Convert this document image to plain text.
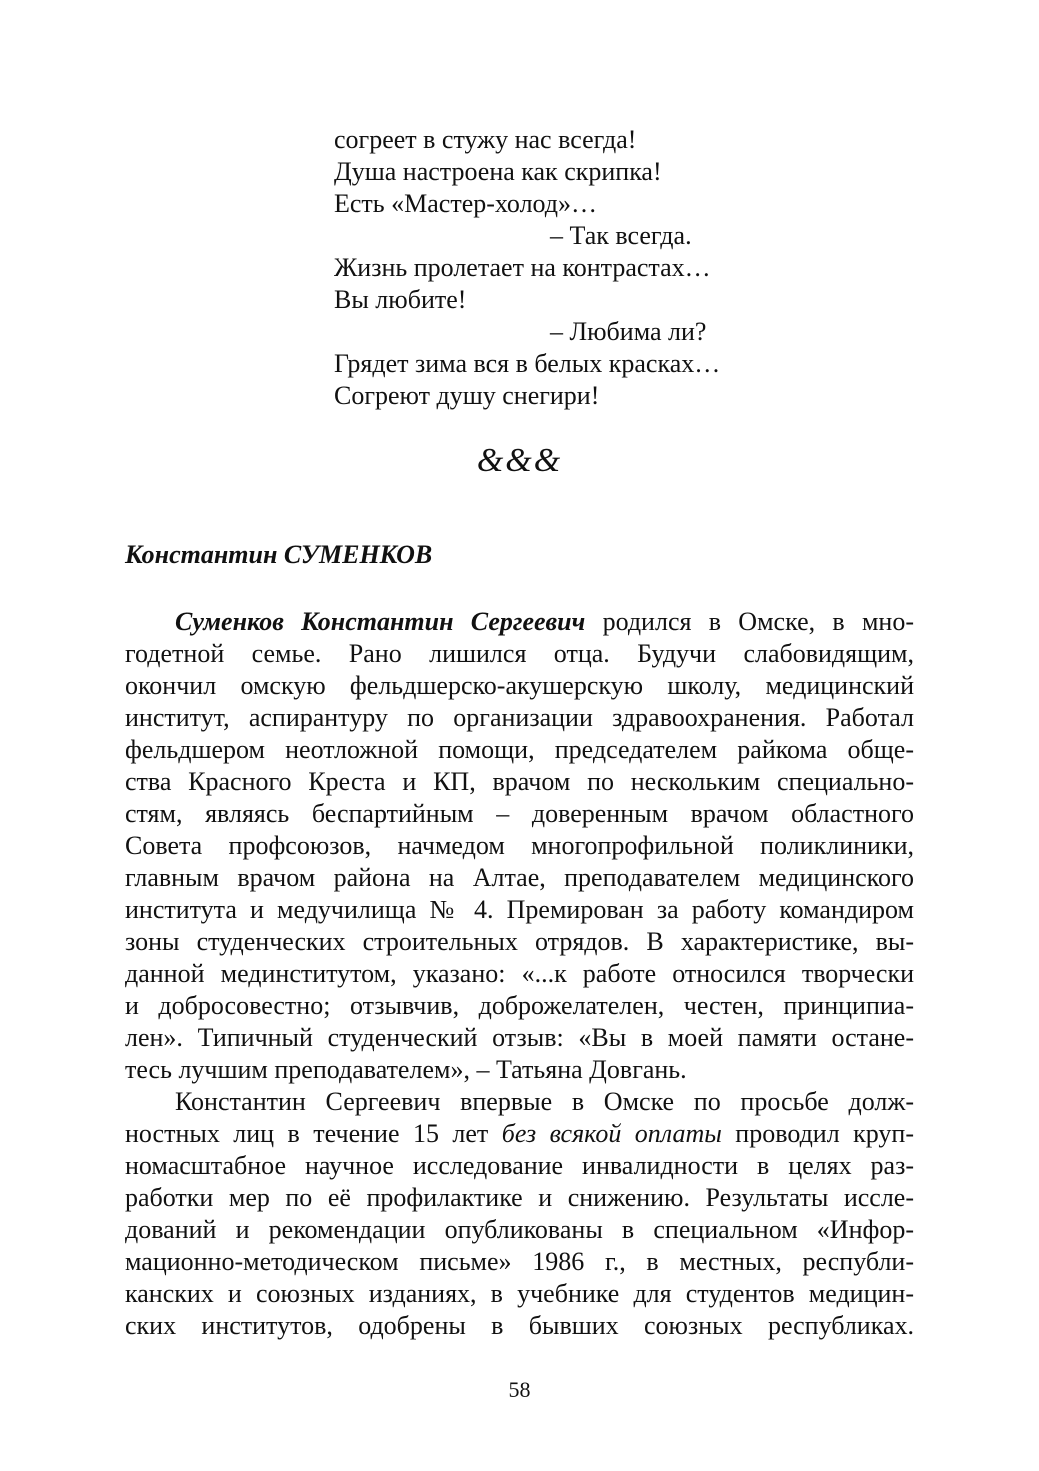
согреет в стужу нас всегда!
Душа настроена как скрипка!
Есть «Мастер-холод»…
– Так всегда.
Жизнь пролетает на контрастах…
Вы любите!
– Любима ли?
Грядет зима вся в белых красках…
Согреют душу снегири!
&&&
Константин СУМЕНКОВ
Суменков Константин Сергеевич родился в Омске, в мно-
годетной семье. Рано лишился отца. Будучи слабовидящим,
окончил омскую фельдшерско-акушерскую школу, медицинский
институт, аспирантуру по организации здравоохранения. Работал
фельдшером неотложной помощи, председателем райкома обще-
ства Красного Креста и КП, врачом по нескольким специально-
стям, являясь беспартийным – доверенным врачом областного
Совета профсоюзов, начмедом многопрофильной поликлиники,
главным врачом района на Алтае, преподавателем медицинского
института и медучилища № 4. Премирован за работу командиром
зоны студенческих строительных отрядов. В характеристике, вы-
данной мединститутом, указано: «...к работе относился творчески
и добросовестно; отзывчив, доброжелателен, честен, принципиа-
лен». Типичный студенческий отзыв: «Вы в моей памяти остане-
тесь лучшим преподавателем», – Татьяна Довгань.
Константин Сергеевич впервые в Омске по просьбе долж-
ностных лиц в течение 15 лет без всякой оплаты проводил круп-
номасштабное научное исследование инвалидности в целях раз-
работки мер по её профилактике и снижению. Результаты иссле-
дований и рекомендации опубликованы в специальном «Инфор-
мационно-методическом письме» 1986 г., в местных, республи-
канских и союзных изданиях, в учебнике для студентов медицин-
ских институтов, одобрены в бывших союзных республиках.
58
